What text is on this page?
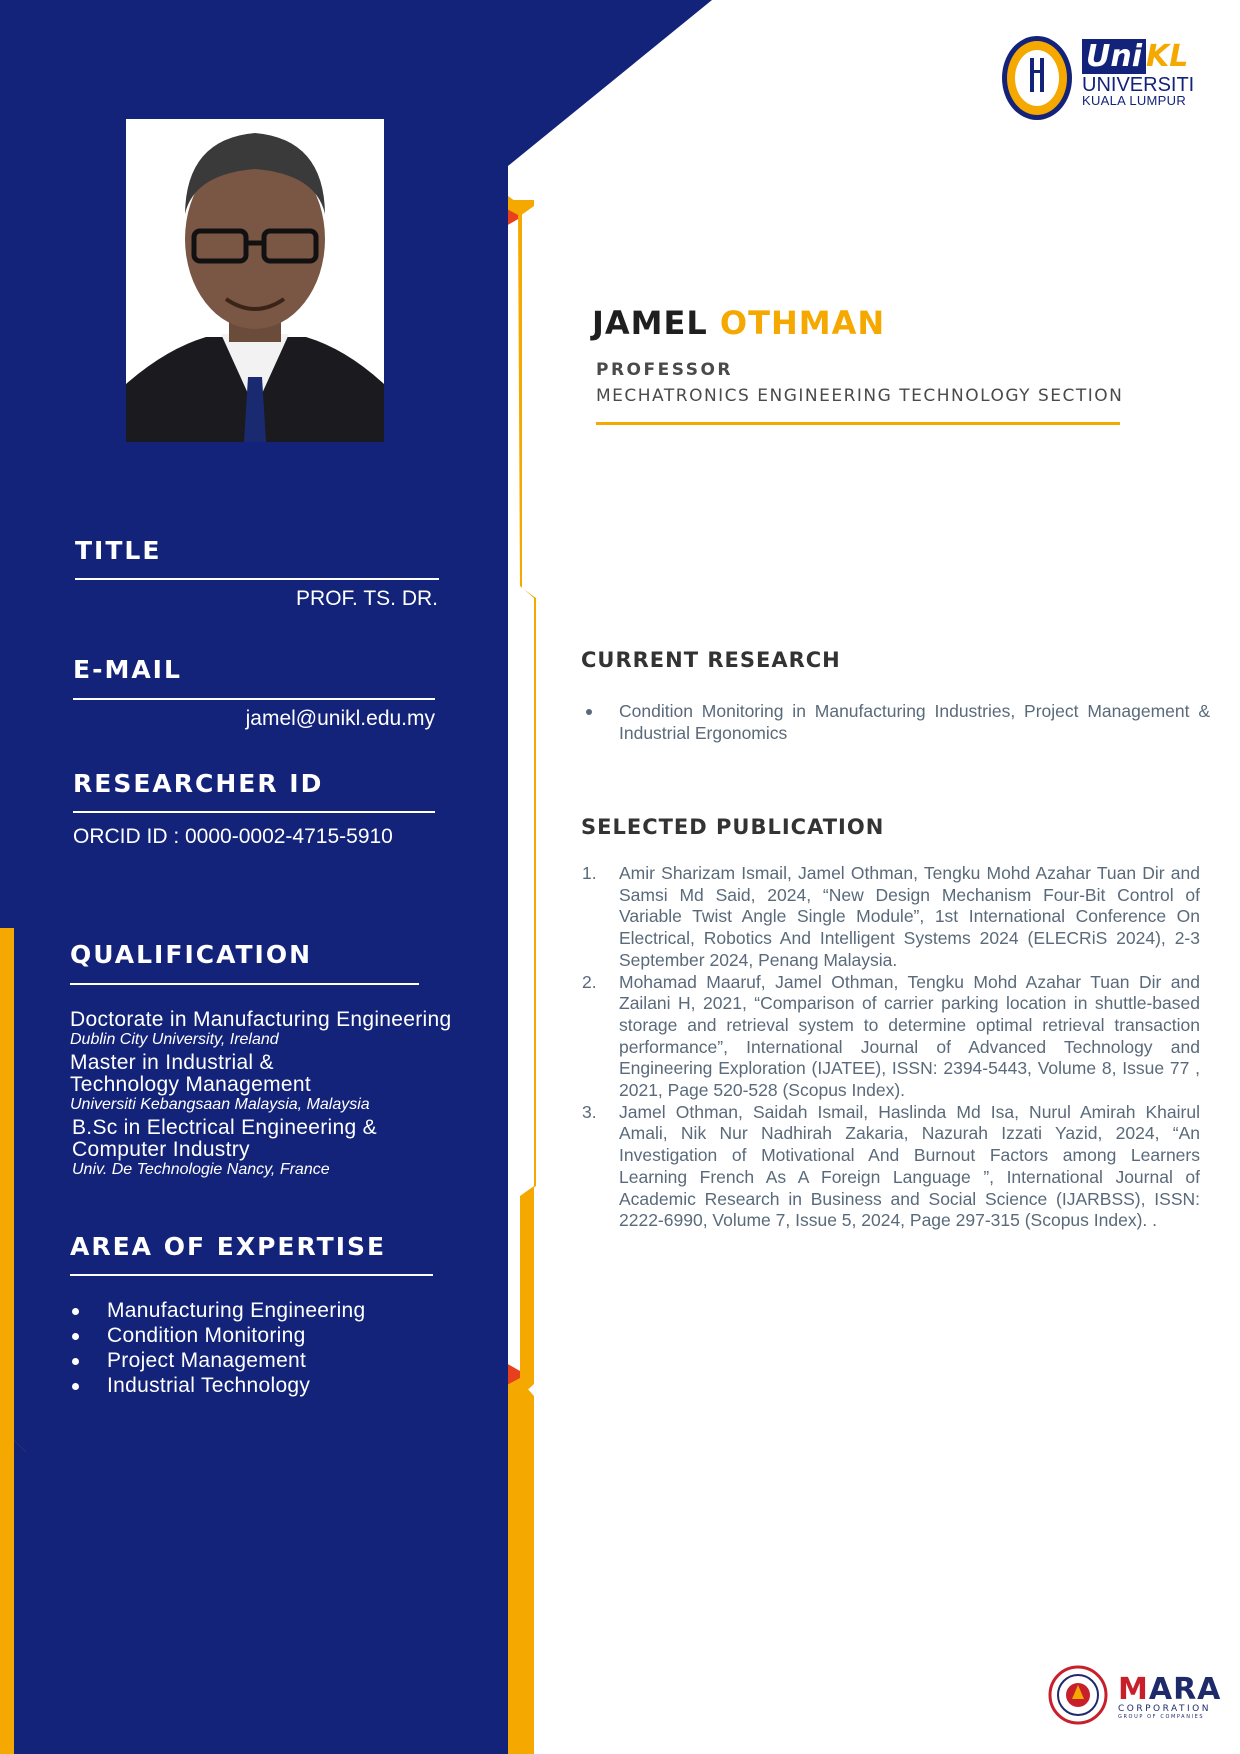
Uni KL
UNIVERSITI
KUALA LUMPUR
JAMEL OTHMAN
PROFESSOR
MECHATRONICS ENGINEERING TECHNOLOGY SECTION
TITLE
PROF. TS. DR.
E-MAIL
jamel@unikl.edu.my
RESEARCHER ID
ORCID ID : 0000-0002-4715-5910
QUALIFICATION
Doctorate in Manufacturing Engineering
Dublin City University, Ireland
Master in Industrial &
Technology Management
Universiti Kebangsaan Malaysia, Malaysia
B.Sc in Electrical Engineering &
Computer Industry
Univ. De Technologie Nancy, France
AREA OF EXPERTISE
Manufacturing Engineering
Condition Monitoring
Project Management
Industrial Technology
CURRENT RESEARCH
Condition Monitoring in Manufacturing Industries, Project Management & Industrial Ergonomics
SELECTED PUBLICATION
1. Amir Sharizam Ismail, Jamel Othman, Tengku Mohd Azahar Tuan Dir and Samsi Md Said, 2024, “New Design Mechanism Four-Bit Control of Variable Twist Angle Single Module”, 1st International Conference On Electrical, Robotics And Intelligent Systems 2024 (ELECRiS 2024), 2-3 September 2024, Penang Malaysia.
2. Mohamad Maaruf, Jamel Othman, Tengku Mohd Azahar Tuan Dir and Zailani H, 2021, “Comparison of carrier parking location in shuttle-based storage and retrieval system to determine optimal retrieval transaction performance”, International Journal of Advanced Technology and Engineering Exploration (IJATEE), ISSN: 2394-5443, Volume 8, Issue 77 , 2021, Page 520-528 (Scopus Index).
3. Jamel Othman, Saidah Ismail, Haslinda Md Isa, Nurul Amirah Khairul Amali, Nik Nur Nadhirah Zakaria, Nazurah Izzati Yazid, 2024, “An Investigation of Motivational And Burnout Factors among Learners Learning French As A Foreign Language ”, International Journal of Academic Research in Business and Social Science (IJARBSS), ISSN: 2222-6990, Volume 7, Issue 5, 2024, Page 297-315 (Scopus Index). .
MARA
CORPORATION
GROUP OF COMPANIES
